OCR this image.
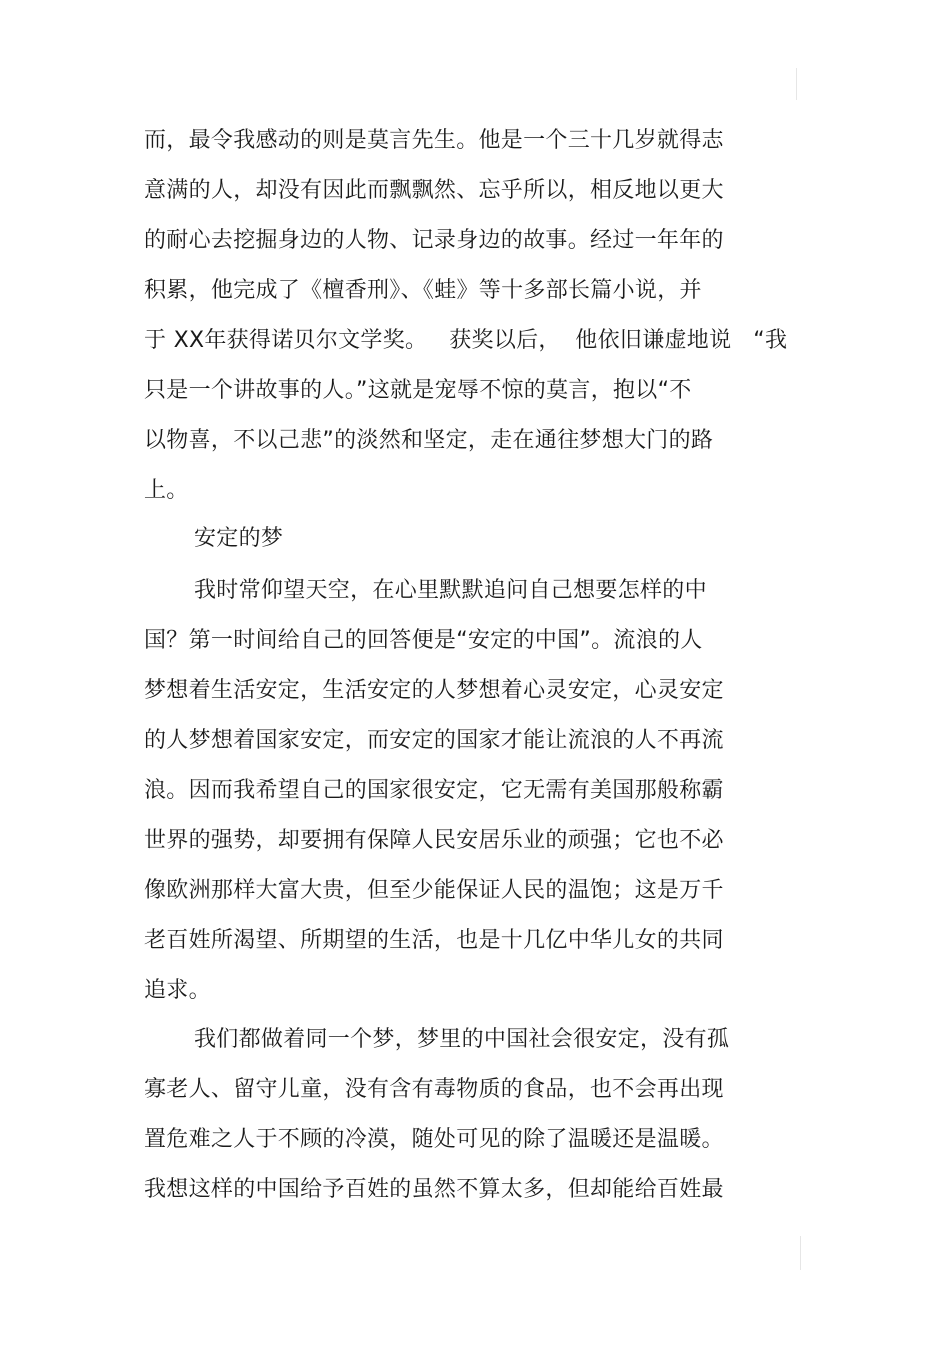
而，最令我感动的则是莫言先生。他是一个三十几岁就得志
意满的人，却没有因此而飘飘然、忘乎所以，相反地以更大
的耐心去挖掘身边的人物、记录身边的故事。经过一年年的
积累，他完成了《檀香刑》、《蛙》等十多部长篇小说，并
于 XX年获得诺贝尔文学奖。   获奖以后，  他依旧谦虚地说   “我
只是一个讲故事的人。”这就是宠辱不惊的莫言，抱以“不
以物喜，不以己悲”的淡然和坚定，走在通往梦想大门的路
上。
安定的梦
我时常仰望天空，在心里默默追问自己想要怎样的中
国？第一时间给自己的回答便是“安定的中国”。流浪的人
梦想着生活安定，生活安定的人梦想着心灵安定，心灵安定
的人梦想着国家安定，而安定的国家才能让流浪的人不再流
浪。因而我希望自己的国家很安定，它无需有美国那般称霸
世界的强势，却要拥有保障人民安居乐业的顽强；它也不必
像欧洲那样大富大贵，但至少能保证人民的温饱；这是万千
老百姓所渴望、所期望的生活，也是十几亿中华儿女的共同
追求。
我们都做着同一个梦，梦里的中国社会很安定，没有孤
寡老人、留守儿童，没有含有毒物质的食品，也不会再出现
置危难之人于不顾的冷漠，随处可见的除了温暖还是温暖。
我想这样的中国给予百姓的虽然不算太多，但却能给百姓最
